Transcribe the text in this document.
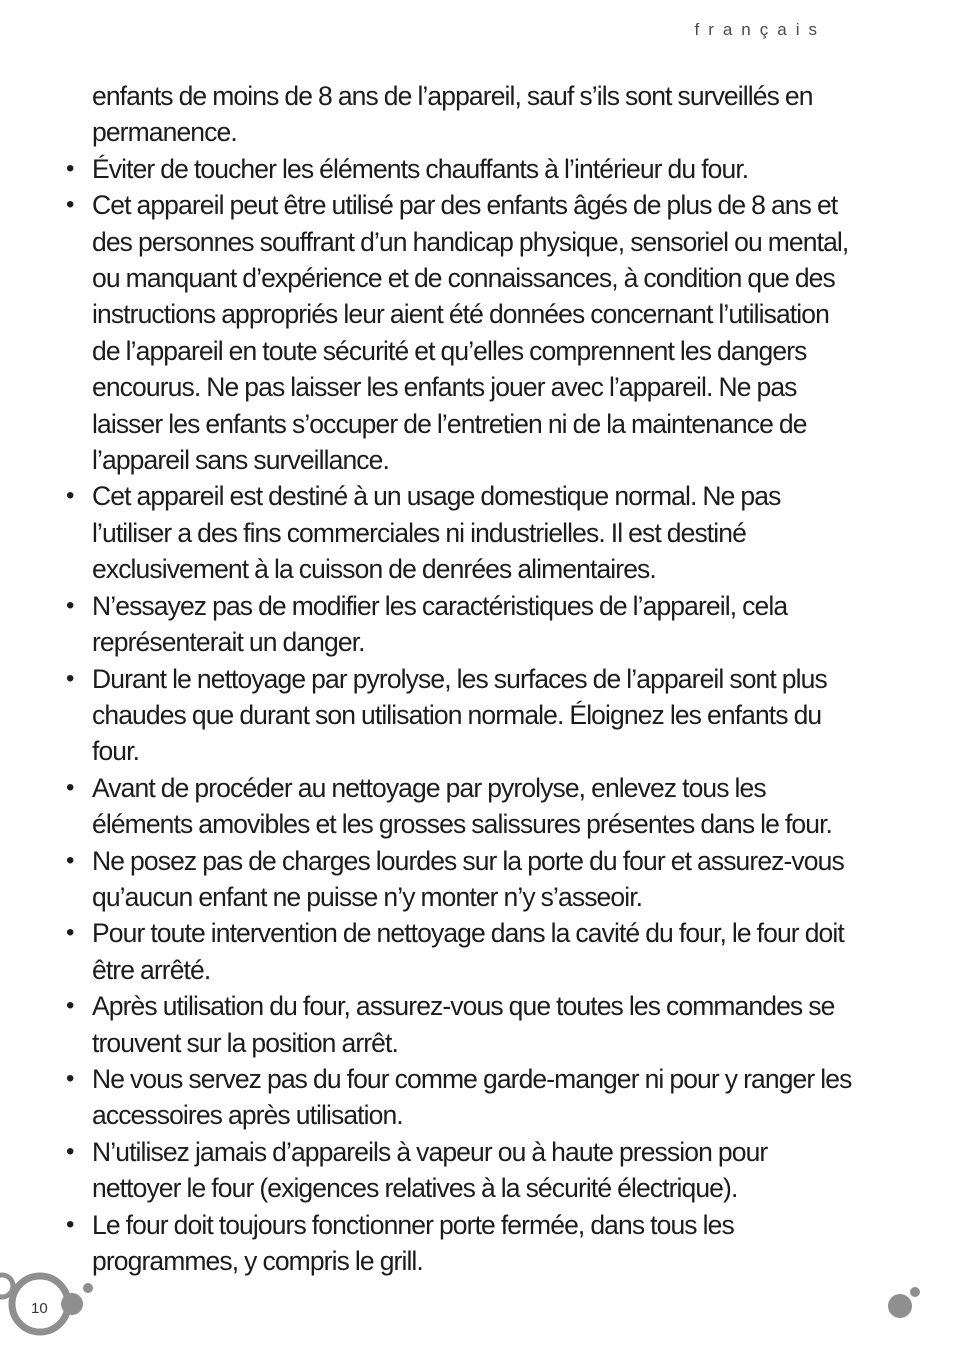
français

enfants de moins de 8 ans de l’appareil, sauf s’ils sont surveillés en permanence.

• Éviter de toucher les éléments chauffants à l’intérieur du four.
• Cet appareil peut être utilisé par des enfants âgés de plus de 8 ans et des personnes souffrant d’un handicap physique, sensoriel ou mental, ou manquant d’expérience et de connaissances, à condition que des instructions appropriés leur aient été données concernant l’utilisation de l’appareil en toute sécurité et qu’elles comprennent les dangers encourus. Ne pas laisser les enfants jouer avec l’appareil. Ne pas laisser les enfants s’occuper de l’entretien ni de la maintenance de l’appareil sans surveillance.
• Cet appareil est destiné à un usage domestique normal. Ne pas l’utiliser a des fins commerciales ni industrielles. Il est destiné exclusivement à la cuisson de denrées alimentaires.
• N’essayez pas de modifier les caractéristiques de l’appareil, cela représenterait un danger.
• Durant le nettoyage par pyrolyse, les surfaces de l’appareil sont plus chaudes que durant son utilisation normale. Éloignez les enfants du four.
• Avant de procéder au nettoyage par pyrolyse, enlevez tous les éléments amovibles et les grosses salissures présentes dans le four.
• Ne posez pas de charges lourdes sur la porte du four et assurez-vous qu’aucun enfant ne puisse n’y monter n’y s’asseoir.
• Pour toute intervention de nettoyage dans la cavité du four, le four doit être arrêté.
• Après utilisation du four, assurez-vous que toutes les commandes se trouvent sur la position arrêt.
• Ne vous servez pas du four comme garde-manger ni pour y ranger les accessoires après utilisation.
• N’utilisez jamais d’appareils à vapeur ou à haute pression pour nettoyer le four (exigences relatives à la sécurité électrique).
• Le four doit toujours fonctionner porte fermée, dans tous les programmes, y compris le grill.
10
